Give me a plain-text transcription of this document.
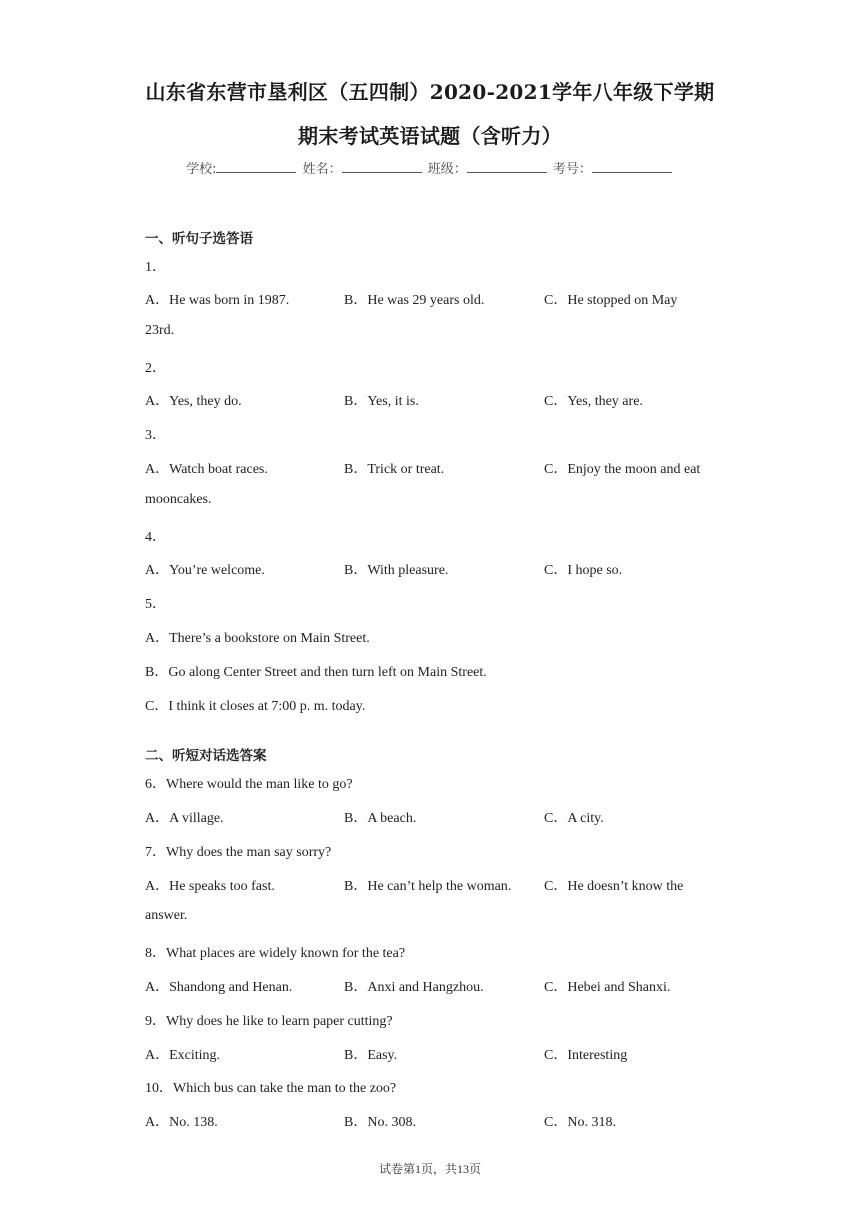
山东省东营市垦利区（五四制）2020-2021学年八年级下学期
期末考试英语试题（含听力）
学校:	姓名：	班级：	考号：
一、听句子选答语
1．
A．He was born in 1987.	B．He was 29 years old.	C．He stopped on May
23rd.
2．
A．Yes, they do.	B．Yes, it is.	C．Yes, they are.
3．
A．Watch boat races.	B．Trick or treat.	C．Enjoy the moon and eat
mooncakes.
4．
A．You’re welcome.	B．With pleasure.	C．I hope so.
5．
A．There’s a bookstore on Main Street.
B．Go along Center Street and then turn left on Main Street.
C．I think it closes at 7:00 p. m. today.
二、听短对话选答案
6．Where would the man like to go?
A．A village.	B．A beach.	C．A city.
7．Why does the man say sorry?
A．He speaks too fast.	B．He can’t help the woman. C．He doesn’t know the
answer.
8．What places are widely known for the tea?
A．Shandong and Henan.	B．Anxi and Hangzhou.	C．Hebei and Shanxi.
9．Why does he like to learn paper cutting?
A．Exciting.	B．Easy.	C．Interesting
10．Which bus can take the man to the zoo?
A．No. 138.	B．No. 308.	C．No. 318.
试卷第1页，共13页
